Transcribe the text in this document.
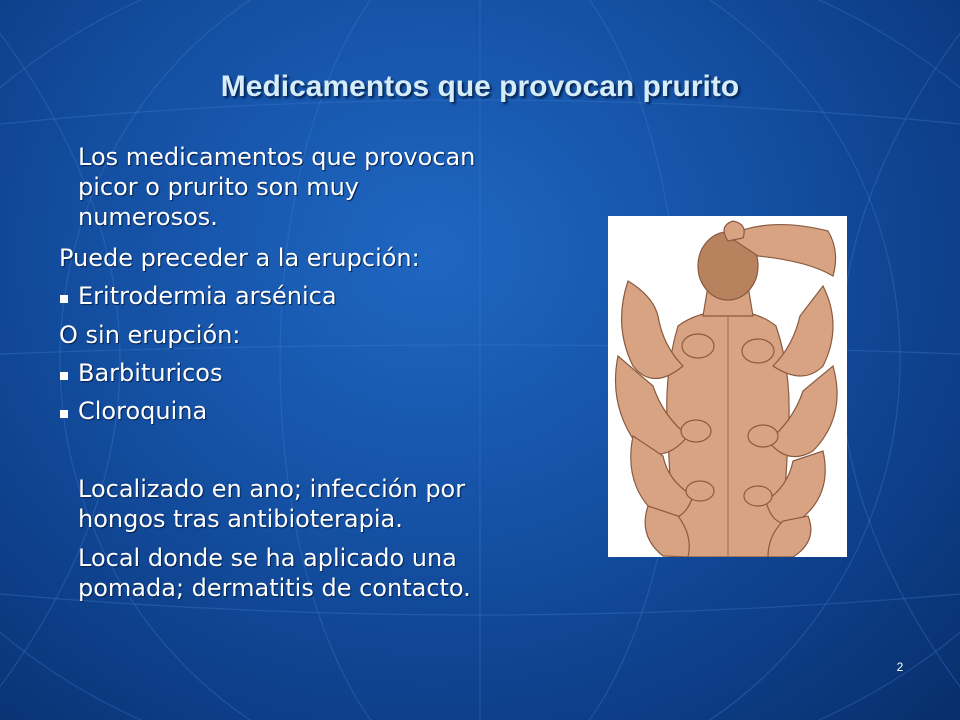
Medicamentos que provocan prurito
Los medicamentos que provocan
picor o prurito son muy
numerosos.
Puede preceder a la erupción:
Eritrodermia arsénica
O sin erupción:
Barbituricos
Cloroquina
Localizado en ano; infección por
hongos tras antibioterapia.
Local donde se ha aplicado una
pomada; dermatitis de contacto.
2
